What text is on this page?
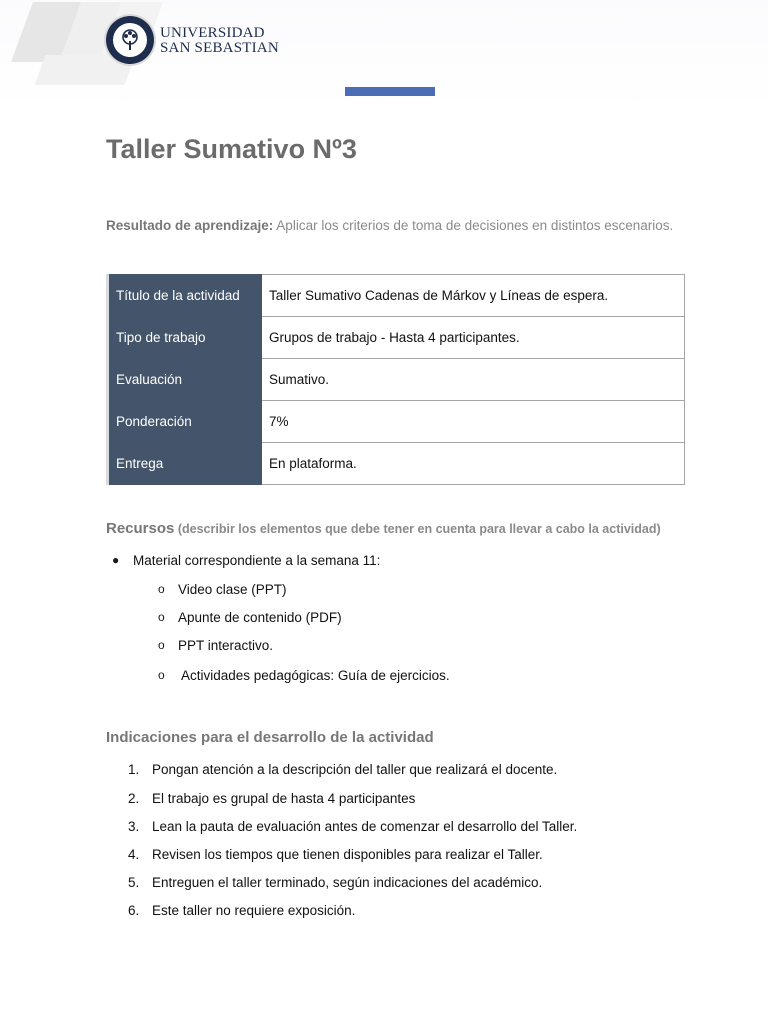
UNIVERSIDAD
SAN SEBASTIAN
Taller Sumativo Nº3
Resultado de aprendizaje: Aplicar los criterios de toma de decisiones en distintos escenarios.
Título de la actividad	Taller Sumativo Cadenas de Márkov y Líneas de espera.
Tipo de trabajo	Grupos de trabajo - Hasta 4 participantes.
Evaluación	Sumativo.
Ponderación	7%
Entrega	En plataforma.
Recursos (describir los elementos que debe tener en cuenta para llevar a cabo la actividad)
● Material correspondiente a la semana 11:
o Video clase (PPT)
o Apunte de contenido (PDF)
o PPT interactivo.
o Actividades pedagógicas: Guía de ejercicios.
Indicaciones para el desarrollo de la actividad
1. Pongan atención a la descripción del taller que realizará el docente.
2. El trabajo es grupal de hasta 4 participantes
3. Lean la pauta de evaluación antes de comenzar el desarrollo del Taller.
4. Revisen los tiempos que tienen disponibles para realizar el Taller.
5. Entreguen el taller terminado, según indicaciones del académico.
6. Este taller no requiere exposición.
